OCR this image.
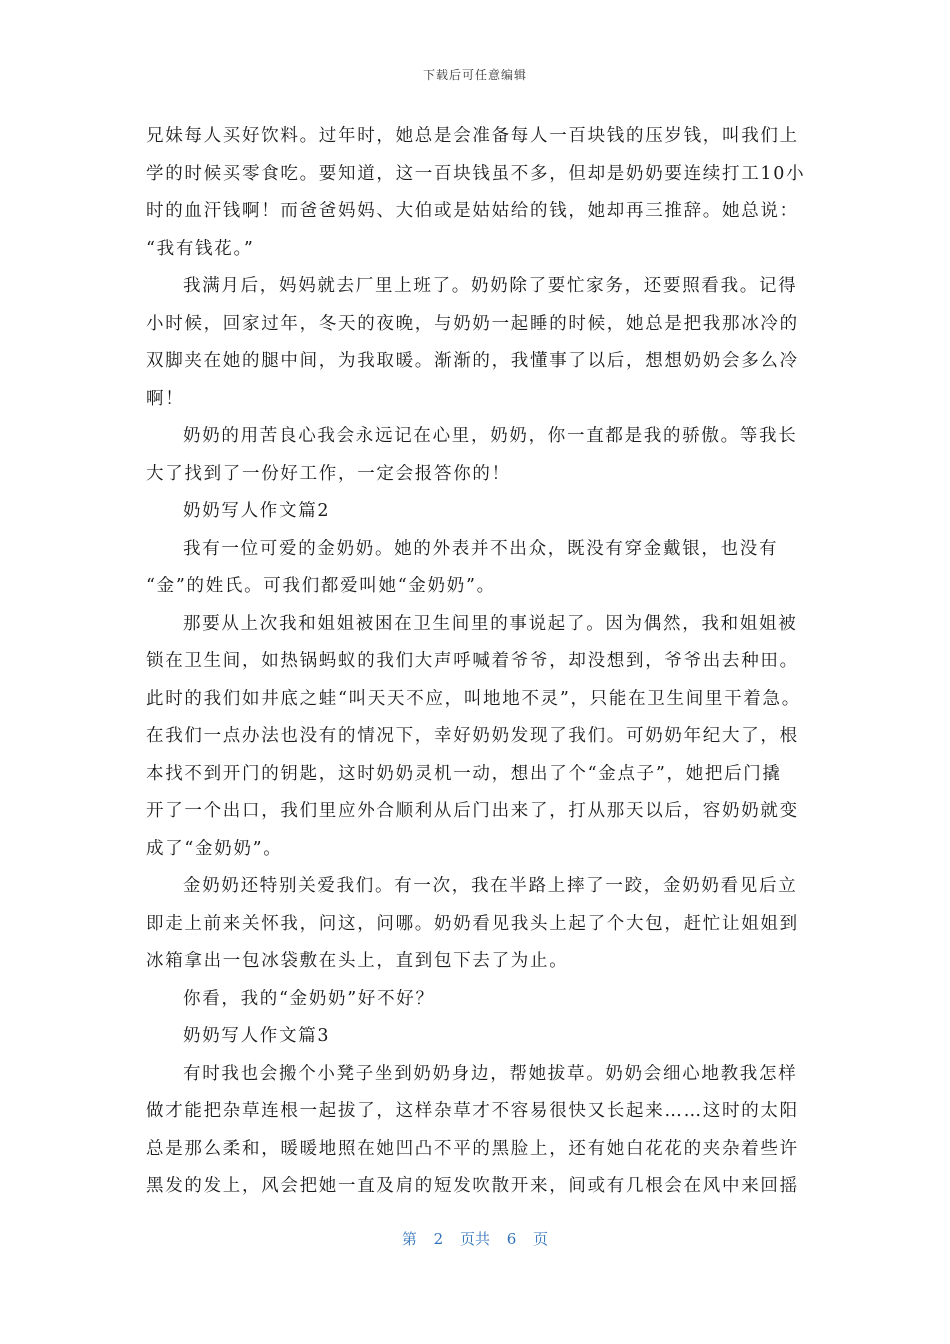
下载后可任意编辑
兄妹每人买好饮料。过年时，她总是会准备每人一百块钱的压岁钱，叫我们上
学的时候买零食吃。要知道，这一百块钱虽不多，但却是奶奶要连续打工10小
时的血汗钱啊！而爸爸妈妈、大伯或是姑姑给的钱，她却再三推辞。她总说：
“我有钱花。”
我满月后，妈妈就去厂里上班了。奶奶除了要忙家务，还要照看我。记得
小时候，回家过年，冬天的夜晚，与奶奶一起睡的时候，她总是把我那冰冷的
双脚夹在她的腿中间，为我取暖。渐渐的，我懂事了以后，想想奶奶会多么冷
啊！
奶奶的用苦良心我会永远记在心里，奶奶，你一直都是我的骄傲。等我长
大了找到了一份好工作，一定会报答你的！
奶奶写人作文篇2
我有一位可爱的金奶奶。她的外表并不出众，既没有穿金戴银，也没有
“金”的姓氏。可我们都爱叫她“金奶奶”。
那要从上次我和姐姐被困在卫生间里的事说起了。因为偶然，我和姐姐被
锁在卫生间，如热锅蚂蚁的我们大声呼喊着爷爷，却没想到，爷爷出去种田。
此时的我们如井底之蛙“叫天天不应，叫地地不灵”，只能在卫生间里干着急。
在我们一点办法也没有的情况下，幸好奶奶发现了我们。可奶奶年纪大了，根
本找不到开门的钥匙，这时奶奶灵机一动，想出了个“金点子”，她把后门撬
开了一个出口，我们里应外合顺利从后门出来了，打从那天以后，容奶奶就变
成了“金奶奶”。
金奶奶还特别关爱我们。有一次，我在半路上摔了一跤，金奶奶看见后立
即走上前来关怀我，问这，问哪。奶奶看见我头上起了个大包，赶忙让姐姐到
冰箱拿出一包冰袋敷在头上，直到包下去了为止。
你看，我的“金奶奶”好不好？
奶奶写人作文篇3
有时我也会搬个小凳子坐到奶奶身边，帮她拔草。奶奶会细心地教我怎样
做才能把杂草连根一起拔了，这样杂草才不容易很快又长起来……这时的太阳
总是那么柔和，暖暖地照在她凹凸不平的黑脸上，还有她白花花的夹杂着些许
黑发的发上，风会把她一直及肩的短发吹散开来，间或有几根会在风中来回摇
第 2 页共 6 页
